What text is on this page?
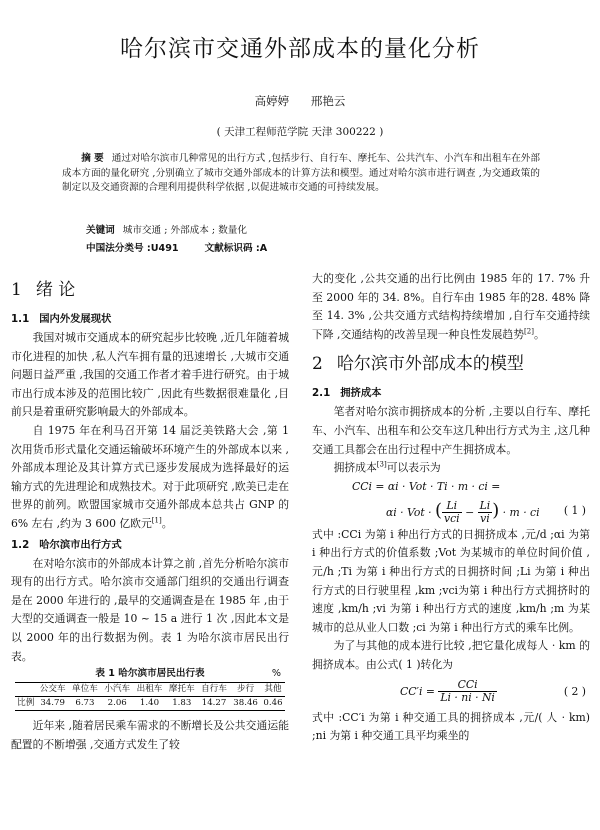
哈尔滨市交通外部成本的量化分析
高婷婷 邢艳云
( 天津工程师范学院 天津 300222 )

摘 要 通过对哈尔滨市几种常见的出行方式 ,包括步行、自行车、摩托车、公共汽车、小汽车和出租车在外部成本方面的量化研究 ,分别确立了城市交通外部成本的计算方法和模型。通过对哈尔滨市进行调查 ,为交通政策的制定以及交通资源的合理利用提供科学依据 ,以促进城市交通的可持续发展。

关键词 城市交通 ; 外部成本 ; 数量化
中国法分类号 :U491	文献标识码 :A
1 绪 论
1.1 国内外发展现状

我国对城市交通成本的研究起步比较晚 ,近几年随着城市化进程的加快 ,私人汽车拥有量的迅速增长 ,大城市交通问题日益严重 ,我国的交通工作者才着手进行研究。由于城市出行成本涉及的范围比较广 ,因此有些数据很难量化 ,目前只是着重研究影响最大的外部成本。

自 1975 年在利马召开第 14 届泛美铁路大会 ,第 1 次用货币形式量化交通运输破坏环境产生的外部成本以来 ,外部成本理论及其计算方式已逐步发展成为选择最好的运输方式的先进理论和成熟技术。对于此项研究 ,欧美已走在世界的前列。欧盟国家城市交通外部成本总共占 GNP 的 6% 左右 ,约为 3 600 亿欧元[1]。

1.2 哈尔滨市出行方式

在对哈尔滨市的外部成本计算之前 ,首先分析哈尔滨市现有的出行方式。哈尔滨市交通部门组织的交通出行调查是在 2000 年进行的 ,最早的交通调查是在 1985 年 ,由于大型的交通调查一般是 10 ~ 15 a 进行 1 次 ,因此本文是以 2000 年的出行数据为例。表 1 为哈尔滨市居民出行表。

表 1 哈尔滨市居民出行表	%
	公交车	单位车	小汽车	出租车	摩托车	自行车	步行	其他
比例	34.79	6.73	2.06	1.40	1.83	14.27	38.46	0.46

近年来 ,随着居民乘车需求的不断增长及公共交通运能配置的不断增强 ,交通方式发生了较

大的变化 ,公共交通的出行比例由 1985 年的 17. 7% 升至 2000 年的 34. 8%。自行车由 1985 年的28. 48% 降至 14. 3% ,公共交通方式结构持续增加 ,自行车交通持续下降 ,交通结构的改善呈现一种良性发展趋势[2]。

2 哈尔滨市外部成本的模型
2.1 拥挤成本

笔者对哈尔滨市拥挤成本的分析 ,主要以自行车、摩托车、小汽车、出租车和公交车这几种出行方式为主 ,这几种交通工具都会在出行过程中产生拥挤成本。

拥挤成本[3]可以表示为

CCi = αi · Vot · Ti · m · ci =
αi · Vot · ( $\frac{Li}{\text{vci}} - \frac{Li}{vi}$ ) · m · ci ( 1 )

式中 :CCi 为第 i 种出行方式的日拥挤成本 ,元/d ;αi 为第 i 种出行方式的价值系数 ;Vot 为某城市的单位时间价值 ,元/h ;Ti 为第 i 种出行方式的日拥挤时间 ;Li 为第 i 种出行方式的日行驶里程 ,km ;vci为第 i 种出行方式拥挤时的速度 ,km/h ;vi 为第 i 种出行方式的速度 ,km/h ;m 为某城市的总从业人口数 ;ci 为第 i 种出行方式的乘车比例。

为了与其他的成本进行比较 ,把它量化成每人 · km 的拥挤成本。由公式( 1 )转化为

$CC'i = \frac{\text{CCi}}{Li \cdot ni \cdot Ni}$	( 2 )

式中 :CC′i 为第 i 种交通工具的拥挤成本 ,元/( 人 · km) ;ni 为第 i 种交通工具平均乘坐的
